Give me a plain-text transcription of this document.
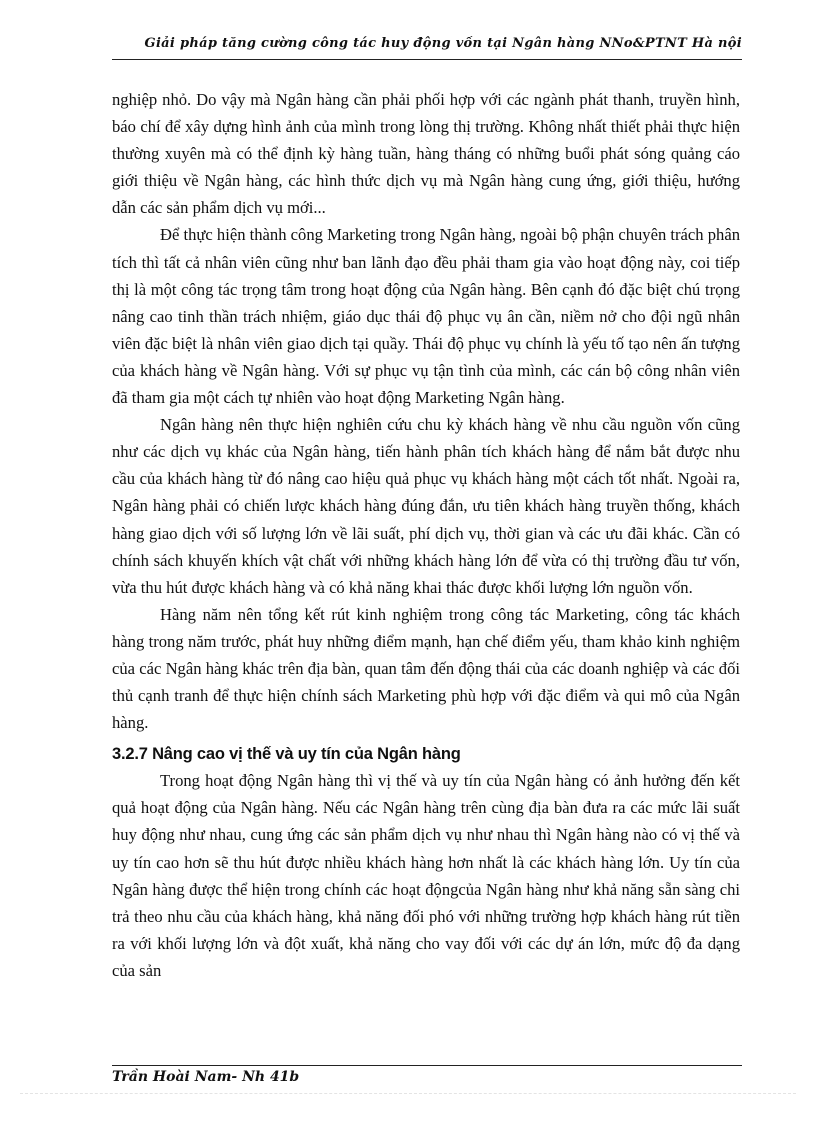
Giải pháp tăng cường công tác huy động vốn tại Ngân hàng NNo&PTNT Hà nội

nghiệp nhỏ. Do vậy mà Ngân hàng cần phải phối hợp với các ngành phát thanh, truyền hình, báo chí để xây dựng hình ảnh của mình trong lòng thị trường. Không nhất thiết phải thực hiện thường xuyên mà có thể định kỳ hàng tuần, hàng tháng có những buổi phát sóng quảng cáo giới thiệu về Ngân hàng, các hình thức dịch vụ mà Ngân hàng cung ứng, giới thiệu, hướng dẫn các sản phẩm dịch vụ mới...

Để thực hiện thành công Marketing trong Ngân hàng, ngoài bộ phận chuyên trách phân tích thì tất cả nhân viên cũng như ban lãnh đạo đều phải tham gia vào hoạt động này, coi tiếp thị là một công tác trọng tâm trong hoạt động của Ngân hàng. Bên cạnh đó đặc biệt chú trọng nâng cao tinh thần trách nhiệm, giáo dục thái độ phục vụ ân cần, niềm nở cho đội ngũ nhân viên đặc biệt là nhân viên giao dịch tại quầy. Thái độ phục vụ chính là yếu tố tạo nên ấn tượng của khách hàng về Ngân hàng. Với sự phục vụ tận tình của mình, các cán bộ công nhân viên đã tham gia một cách tự nhiên vào hoạt động Marketing Ngân hàng.

Ngân hàng nên thực hiện nghiên cứu chu kỳ khách hàng về nhu cầu nguồn vốn cũng như các dịch vụ khác của Ngân hàng, tiến hành phân tích khách hàng để nắm bắt được nhu cầu của khách hàng từ đó nâng cao hiệu quả phục vụ khách hàng một cách tốt nhất. Ngoài ra, Ngân hàng phải có chiến lược khách hàng đúng đắn, ưu tiên khách hàng truyền thống, khách hàng giao dịch với số lượng lớn về lãi suất, phí dịch vụ, thời gian và các ưu đãi khác. Cần có chính sách khuyến khích vật chất với những khách hàng lớn để vừa có thị trường đầu tư vốn, vừa thu hút được khách hàng và có khả năng khai thác được khối lượng lớn nguồn vốn.

Hàng năm nên tổng kết rút kinh nghiệm trong công tác Marketing, công tác khách hàng trong năm trước, phát huy những điểm mạnh, hạn chế điểm yếu, tham khảo kinh nghiệm của các Ngân hàng khác trên địa bàn, quan tâm đến động thái của các doanh nghiệp và các đối thủ cạnh tranh để thực hiện chính sách Marketing phù hợp với đặc điểm và qui mô của Ngân hàng.

3.2.7 Nâng cao vị thế và uy tín của Ngân hàng

Trong hoạt động Ngân hàng thì vị thế và uy tín của Ngân hàng có ảnh hưởng đến kết quả hoạt động của Ngân hàng. Nếu các Ngân hàng trên cùng địa bàn đưa ra các mức lãi suất huy động như nhau, cung ứng các sản phẩm dịch vụ như nhau thì Ngân hàng nào có vị thế và uy tín cao hơn sẽ thu hút được nhiều khách hàng hơn nhất là các khách hàng lớn. Uy tín của Ngân hàng được thể hiện trong chính các hoạt độngcủa Ngân hàng như khả năng sẵn sàng chi trả theo nhu cầu của khách hàng, khả năng đối phó với những trường hợp khách hàng rút tiền ra với khối lượng lớn và đột xuất, khả năng cho vay đối với các dự án lớn, mức độ đa dạng của sản

Trần Hoài Nam- Nh 41b
